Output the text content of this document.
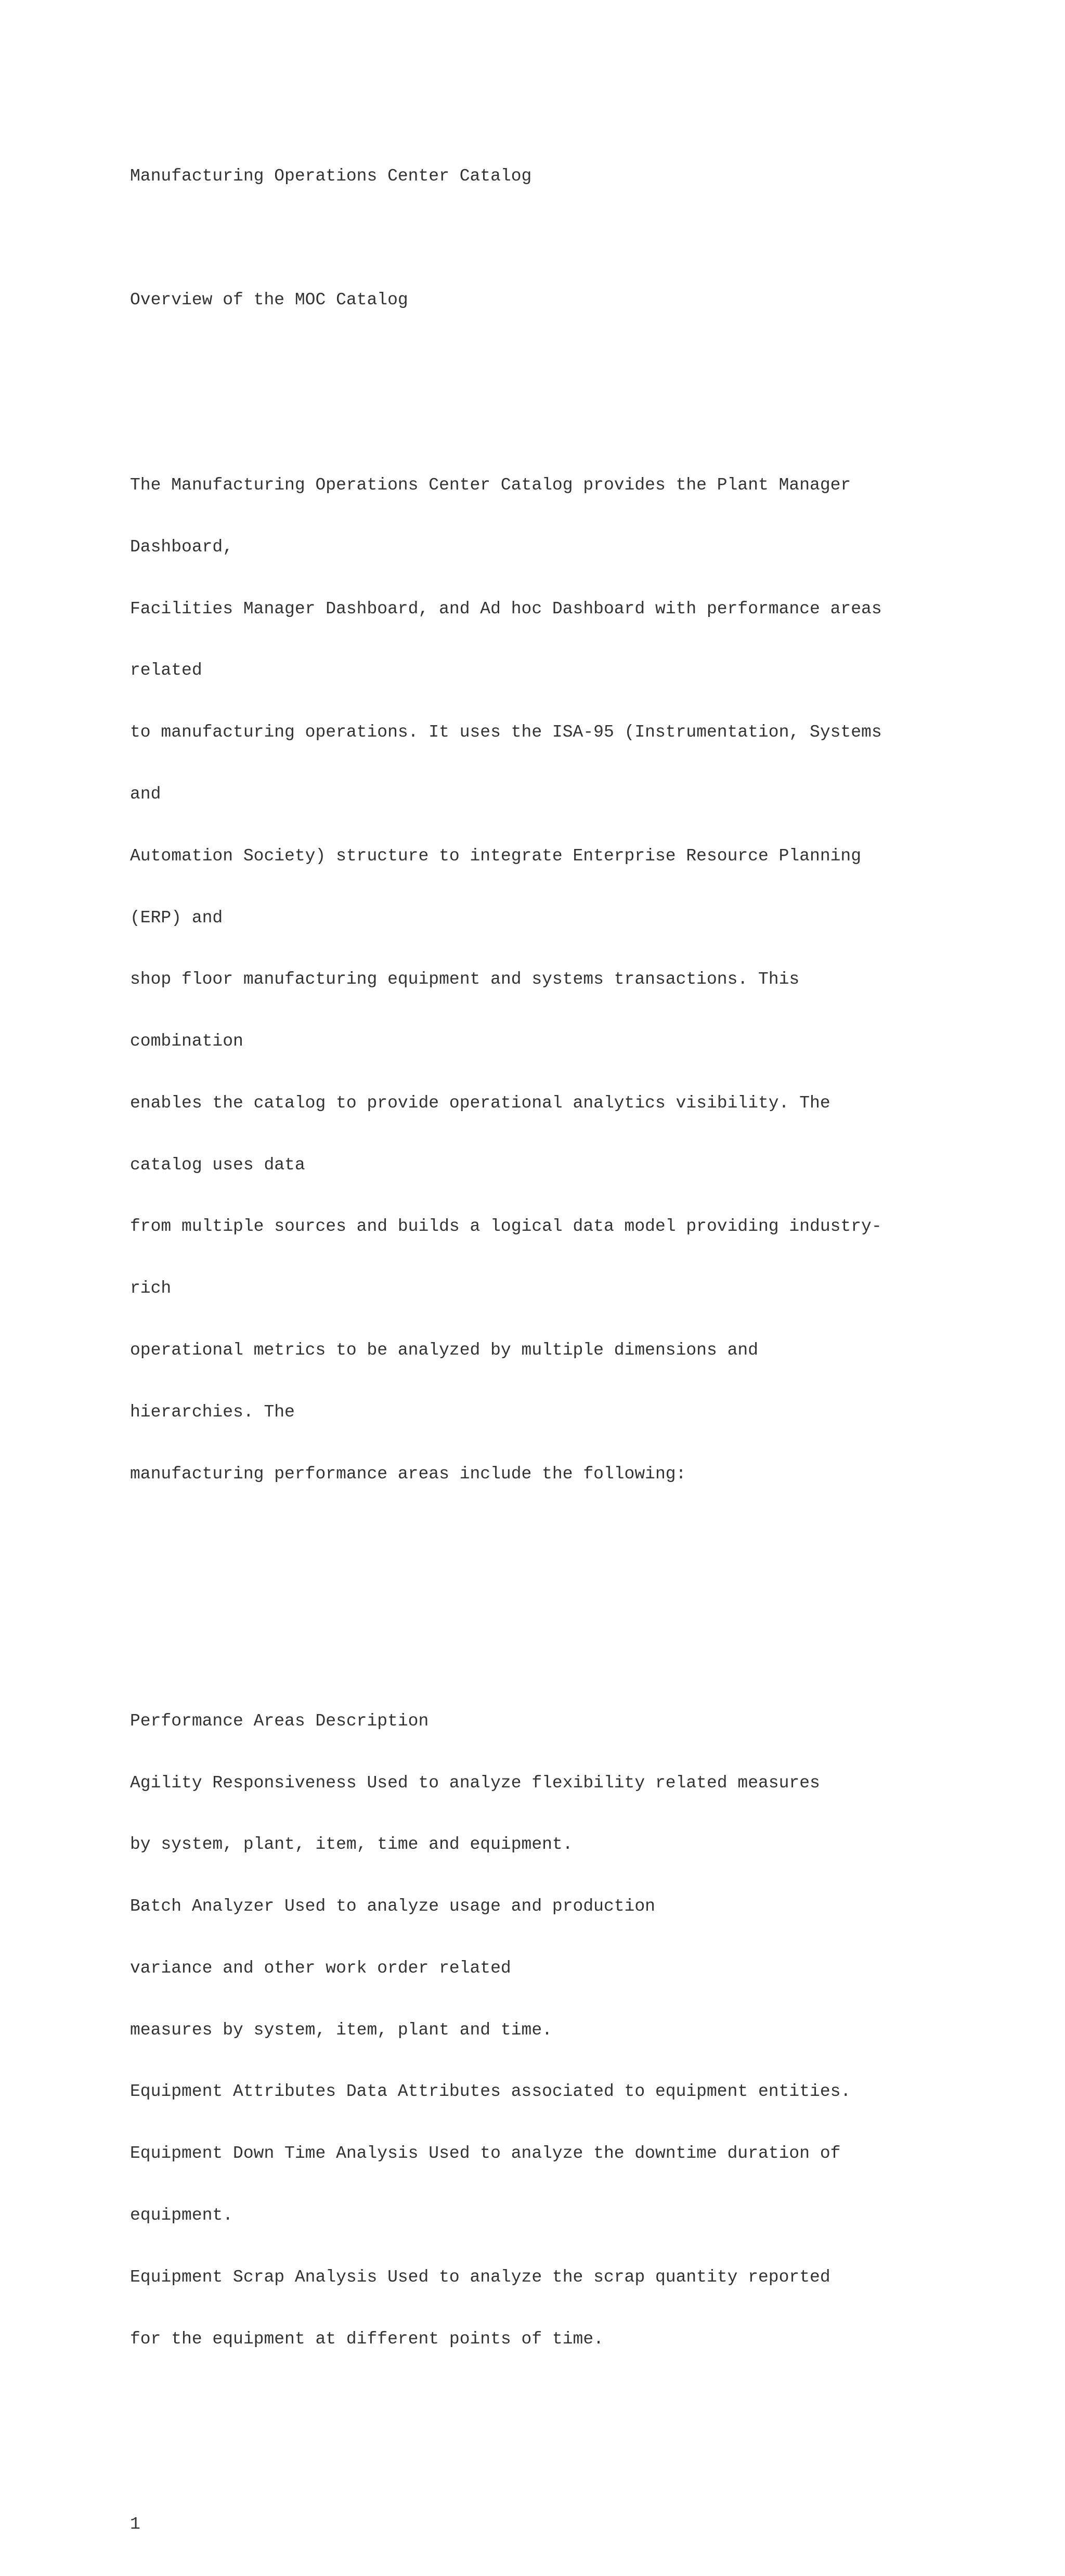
Manufacturing Operations Center Catalog

Overview of the MOC Catalog

The Manufacturing Operations Center Catalog provides the Plant Manager

Dashboard,

Facilities Manager Dashboard, and Ad hoc Dashboard with performance areas

related

to manufacturing operations. It uses the ISA-95 (Instrumentation, Systems

and

Automation Society) structure to integrate Enterprise Resource Planning

(ERP) and

shop floor manufacturing equipment and systems transactions. This

combination

enables the catalog to provide operational analytics visibility. The

catalog uses data

from multiple sources and builds a logical data model providing industry-

rich

operational metrics to be analyzed by multiple dimensions and

hierarchies. The

manufacturing performance areas include the following:

Performance Areas Description

Agility Responsiveness Used to analyze flexibility related measures

by system, plant, item, time and equipment.

Batch Analyzer Used to analyze usage and production

variance and other work order related

measures by system, item, plant and time.

Equipment Attributes Data Attributes associated to equipment entities.

Equipment Down Time Analysis Used to analyze the downtime duration of

equipment.

Equipment Scrap Analysis Used to analyze the scrap quantity reported

for the equipment at different points of time.

1
